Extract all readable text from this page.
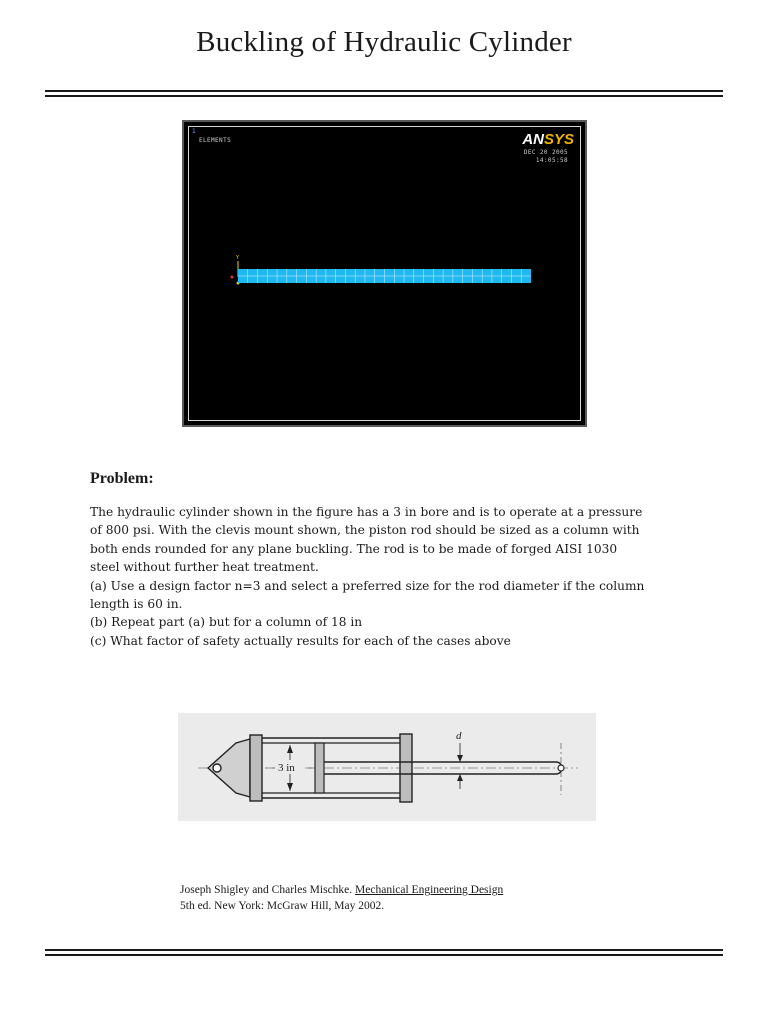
Buckling of Hydraulic Cylinder
1
ELEMENTS	ANSYS
DEC 20 2005
14:05:58
Y
Problem:

The hydraulic cylinder shown in the figure has a 3 in bore and is to operate at a pressure

of 800 psi. With the clevis mount shown, the piston rod should be sized as a column with

both ends rounded for any plane buckling. The rod is to be made of forged AISI 1030

steel without further heat treatment.

(a) Use a design factor n=3 and select a preferred size for the rod diameter if the column

length is 60 in.

(b) Repeat part (a) but for a column of 18 in

(c) What factor of safety actually results for each of the cases above

3 in
d
Joseph Shigley and Charles Mischke. Mechanical Engineering Design
5th ed. New York: McGraw Hill, May 2002.
